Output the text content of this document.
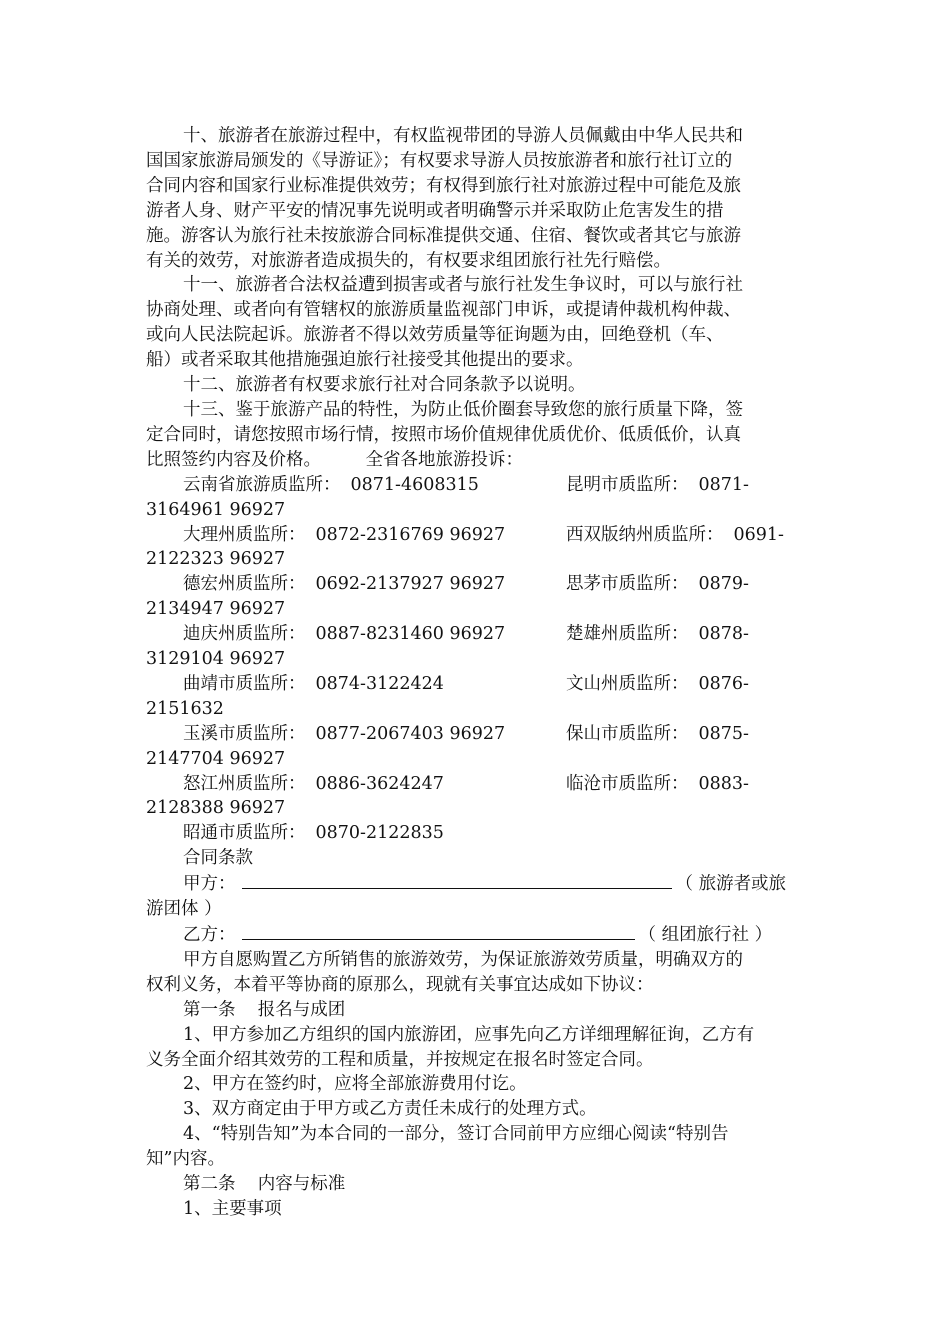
十、旅游者在旅游过程中，有权监视带团的导游人员佩戴由中华人民共和
国国家旅游局颁发的《导游证》；有权要求导游人员按旅游者和旅行社订立的
合同内容和国家行业标准提供效劳；有权得到旅行社对旅游过程中可能危及旅
游者人身、财产平安的情况事先说明或者明确警示并采取防止危害发生的措
施。游客认为旅行社未按旅游合同标准提供交通、住宿、餐饮或者其它与旅游
有关的效劳，对旅游者造成损失的，有权要求组团旅行社先行赔偿。
十一、旅游者合法权益遭到损害或者与旅行社发生争议时，可以与旅行社
协商处理、或者向有管辖权的旅游质量监视部门申诉，或提请仲裁机构仲裁、
或向人民法院起诉。旅游者不得以效劳质量等征询题为由，回绝登机（车、
船）或者采取其他措施强迫旅行社接受其他提出的要求。
十二、旅游者有权要求旅行社对合同条款予以说明。
十三、鉴于旅游产品的特性，为防止低价圈套导致您的旅行质量下降，签
定合同时，请您按照市场行情，按照市场价值规律优质优价、低质低价，认真
比照签约内容及价格。        全省各地旅游投诉：
云南省旅游质监所： 0871-4608315	昆明市质监所： 0871-
3164961 96927
大理州质监所： 0872-2316769 96927	西双版纳州质监所： 0691-
2122323 96927
德宏州质监所： 0692-2137927 96927	思茅市质监所： 0879-
2134947 96927
迪庆州质监所： 0887-8231460 96927	楚雄州质监所： 0878-
3129104 96927
曲靖市质监所： 0874-3122424	文山州质监所： 0876-
2151632
玉溪市质监所： 0877-2067403 96927	保山市质监所： 0875-
2147704 96927
怒江州质监所： 0886-3624247	临沧市质监所： 0883-
2128388 96927
昭通市质监所： 0870-2122835
合同条款
甲方：	（ 旅游者或旅
游团体 ）
乙方：	（ 组团旅行社 ）
甲方自愿购置乙方所销售的旅游效劳，为保证旅游效劳质量，明确双方的
权利义务，本着平等协商的原那么，现就有关事宜达成如下协议：
第一条    报名与成团
1、甲方参加乙方组织的国内旅游团，应事先向乙方详细理解征询，乙方有
义务全面介绍其效劳的工程和质量，并按规定在报名时签定合同。
2、甲方在签约时，应将全部旅游费用付讫。
3、双方商定由于甲方或乙方责任未成行的处理方式。
4、“特别告知”为本合同的一部分，签订合同前甲方应细心阅读“特别告
知”内容。
第二条    内容与标准
1、主要事项
